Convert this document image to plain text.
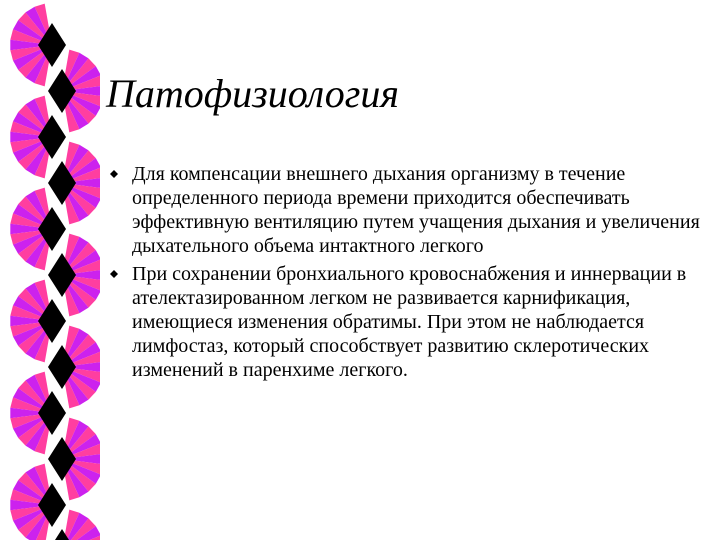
Патофизиология
Для компенсации внешнего дыхания организму в течение определенного периода времени приходится обеспечивать эффективную вентиляцию путем учащения дыхания и увеличения дыхательного объема интактного легкого
При сохранении бронхиального кровоснабжения и иннервации в ателектазированном легком не развивается карнификация, имеющиеся изменения обратимы. При этом не наблюдается лимфостаз, который способствует развитию склеротических изменений в паренхиме легкого.
